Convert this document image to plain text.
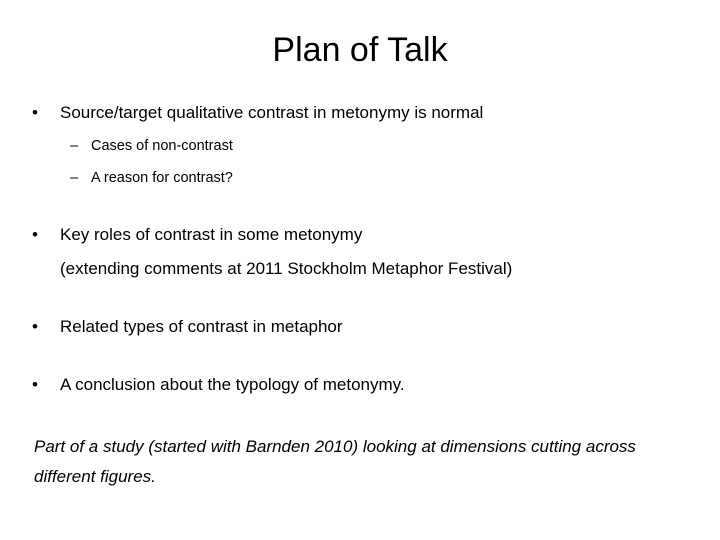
Plan of Talk
•	Source/target qualitative contrast in metonymy is normal
– Cases of non-contrast
– A reason for contrast?
•	Key roles of contrast in some metonymy
(extending comments at 2011 Stockholm Metaphor Festival)
•	Related types of contrast in metaphor
•	A conclusion about the typology of metonymy.
Part of a study (started with Barnden 2010) looking at dimensions cutting across different figures.
